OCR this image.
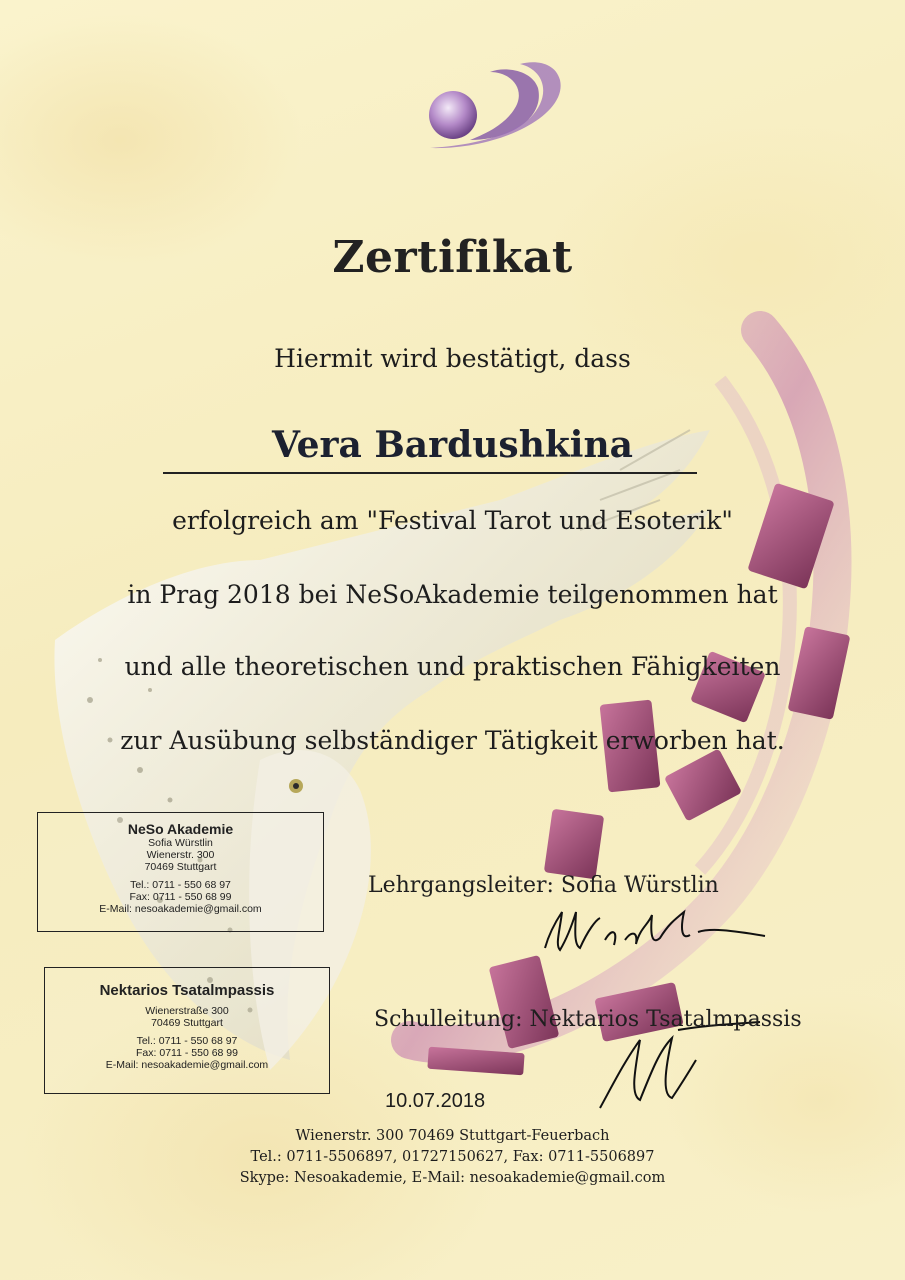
Zertifikat
Hiermit wird bestätigt, dass
Vera Bardushkina
erfolgreich am "Festival Tarot und Esoterik"
in Prag 2018 bei NeSoAkademie teilgenommen hat
und alle theoretischen und praktischen Fähigkeiten
zur Ausübung selbständiger Tätigkeit erworben hat.
NeSo Akademie
Sofia Würstlin
Wienerstr. 300
70469 Stuttgart
Tel.: 0711 - 550 68 97
Fax: 0711 - 550 68 99
E-Mail: nesoakademie@gmail.com
Nektarios Tsatalmpassis
Wienerstraße 300
70469 Stuttgart
Tel.: 0711 - 550 68 97
Fax: 0711 - 550 68 99
E-Mail: nesoakademie@gmail.com
Lehrgangsleiter: Sofia Würstlin
Schulleitung: Nektarios Tsatalmpassis
10.07.2018
Wienerstr. 300 70469 Stuttgart-Feuerbach
Tel.: 0711-5506897, 01727150627, Fax: 0711-5506897
Skype: Nesoakademie, E-Mail: nesoakademie@gmail.com
